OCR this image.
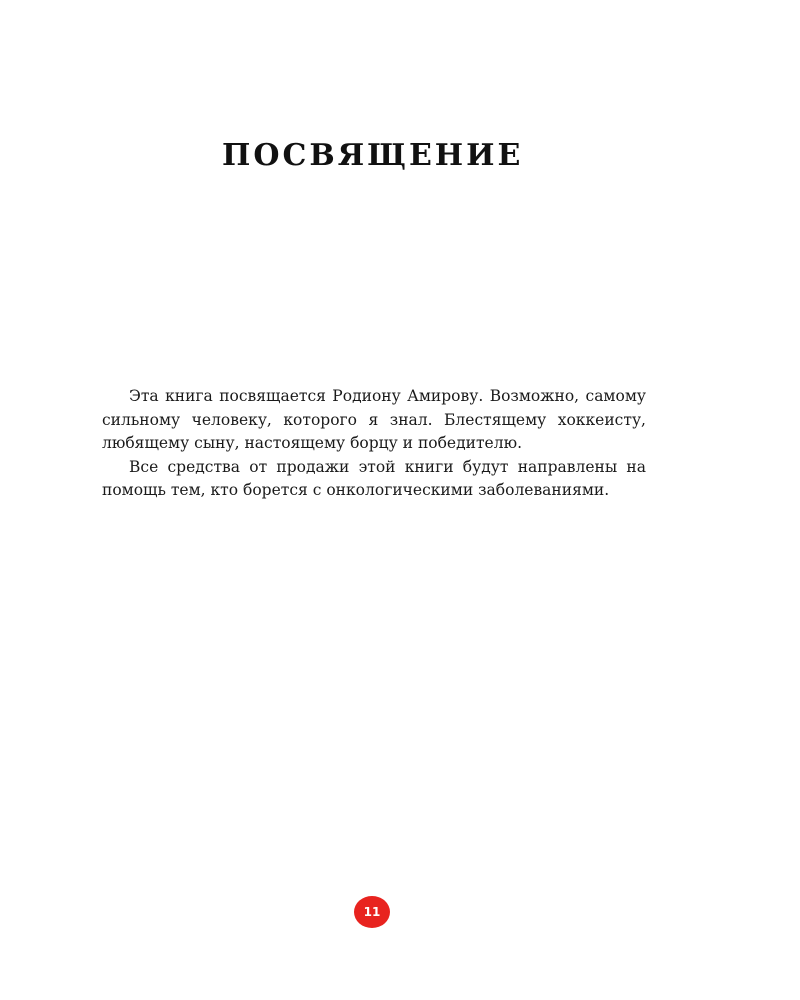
ПОСВЯЩЕНИЕ

Эта книга посвящается Родиону Амирову. Возможно, самому сильному человеку, которого я знал. Блестящему хоккеисту, любящему сыну, настоящему борцу и победителю.

Все средства от продажи этой книги будут направлены на помощь тем, кто борется с онкологическими заболеваниями.

11
